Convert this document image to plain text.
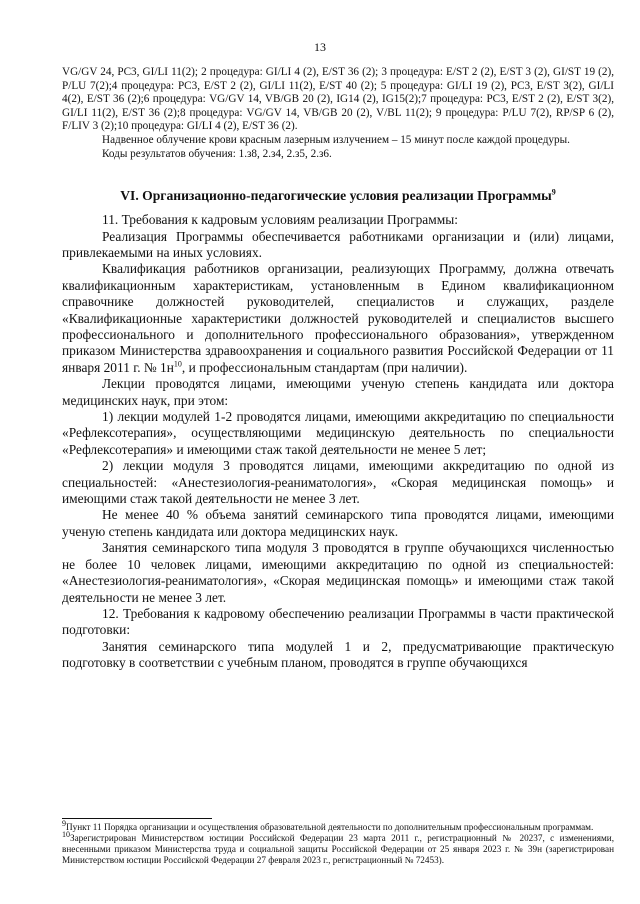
13

VG/GV 24, PC3, GI/LI 11(2); 2 процедура: GI/LI 4 (2), E/ST 36 (2); 3 процедура: E/ST 2 (2), E/ST 3 (2), GI/ST 19 (2), P/LU 7(2);4 процедура: PC3, E/ST 2 (2), GI/LI 11(2), E/ST 40 (2); 5 процедура: GI/LI 19 (2), PC3, E/ST 3(2), GI/LI 4(2), E/ST 36 (2);6 процедура: VG/GV 14, VB/GB 20 (2), IG14 (2), IG15(2);7 процедура: PC3, E/ST 2 (2), E/ST 3(2), GI/LI 11(2), E/ST 36 (2);8 процедура: VG/GV 14, VB/GB 20 (2), V/BL 11(2); 9 процедура: P/LU 7(2), RP/SP 6 (2), F/LIV 3 (2);10 процедура: GI/LI 4 (2), E/ST 36 (2).

Надвенное облучение крови красным лазерным излучением – 15 минут после каждой процедуры.

Коды результатов обучения: 1.з8, 2.з4, 2.з5, 2.з6.

VI. Организационно-педагогические условия реализации Программы$^9$

11. Требования к кадровым условиям реализации Программы:

Реализация Программы обеспечивается работниками организации и (или) лицами, привлекаемыми на иных условиях.

Квалификация работников организации, реализующих Программу, должна отвечать квалификационным характеристикам, установленным в Едином квалификационном справочнике должностей руководителей, специалистов и служащих, разделе «Квалификационные характеристики должностей руководителей и специалистов высшего профессионального и дополнительного профессионального образования», утвержденном приказом Министерства здравоохранения и социального развития Российской Федерации от 11 января 2011 г. № $1н^{10}$, и профессиональным стандартам (при наличии).

Лекции проводятся лицами, имеющими ученую степень кандидата или доктора медицинских наук, при этом:

1) лекции модулей 1-2 проводятся лицами, имеющими аккредитацию по специальности «Рефлексотерапия», осуществляющими медицинскую деятельность по специальности «Рефлексотерапия» и имеющими стаж такой деятельности не менее 5 лет;

2) лекции модуля 3 проводятся лицами, имеющими аккредитацию по одной из специальностей: «Анестезиология-реаниматология», «Скорая медицинская помощь» и имеющими стаж такой деятельности не менее 3 лет.

Не менее 40 % объема занятий семинарского типа проводятся лицами, имеющими ученую степень кандидата или доктора медицинских наук.

Занятия семинарского типа модуля 3 проводятся в группе обучающихся численностью не более 10 человек лицами, имеющими аккредитацию по одной из специальностей: «Анестезиология-реаниматология», «Скорая медицинская помощь» и имеющими стаж такой деятельности не менее 3 лет.

12. Требования к кадровому обеспечению реализации Программы в части практической подготовки:

Занятия семинарского типа модулей 1 и 2, предусматривающие практическую подготовку в соответствии с учебным планом, проводятся в группе обучающихся

$^9$Пункт 11 Порядка организации и осуществления образовательной деятельности по дополнительным профессиональным программам.

$^{10}$Зарегистрирован Министерством юстиции Российской Федерации 23 марта 2011 г., регистрационный № 20237, с изменениями, внесенными приказом Министерства труда и социальной защиты Российской Федерации от 25 января 2023 г. № 39н (зарегистрирован Министерством юстиции Российской Федерации 27 февраля 2023 г., регистрационный № 72453).
